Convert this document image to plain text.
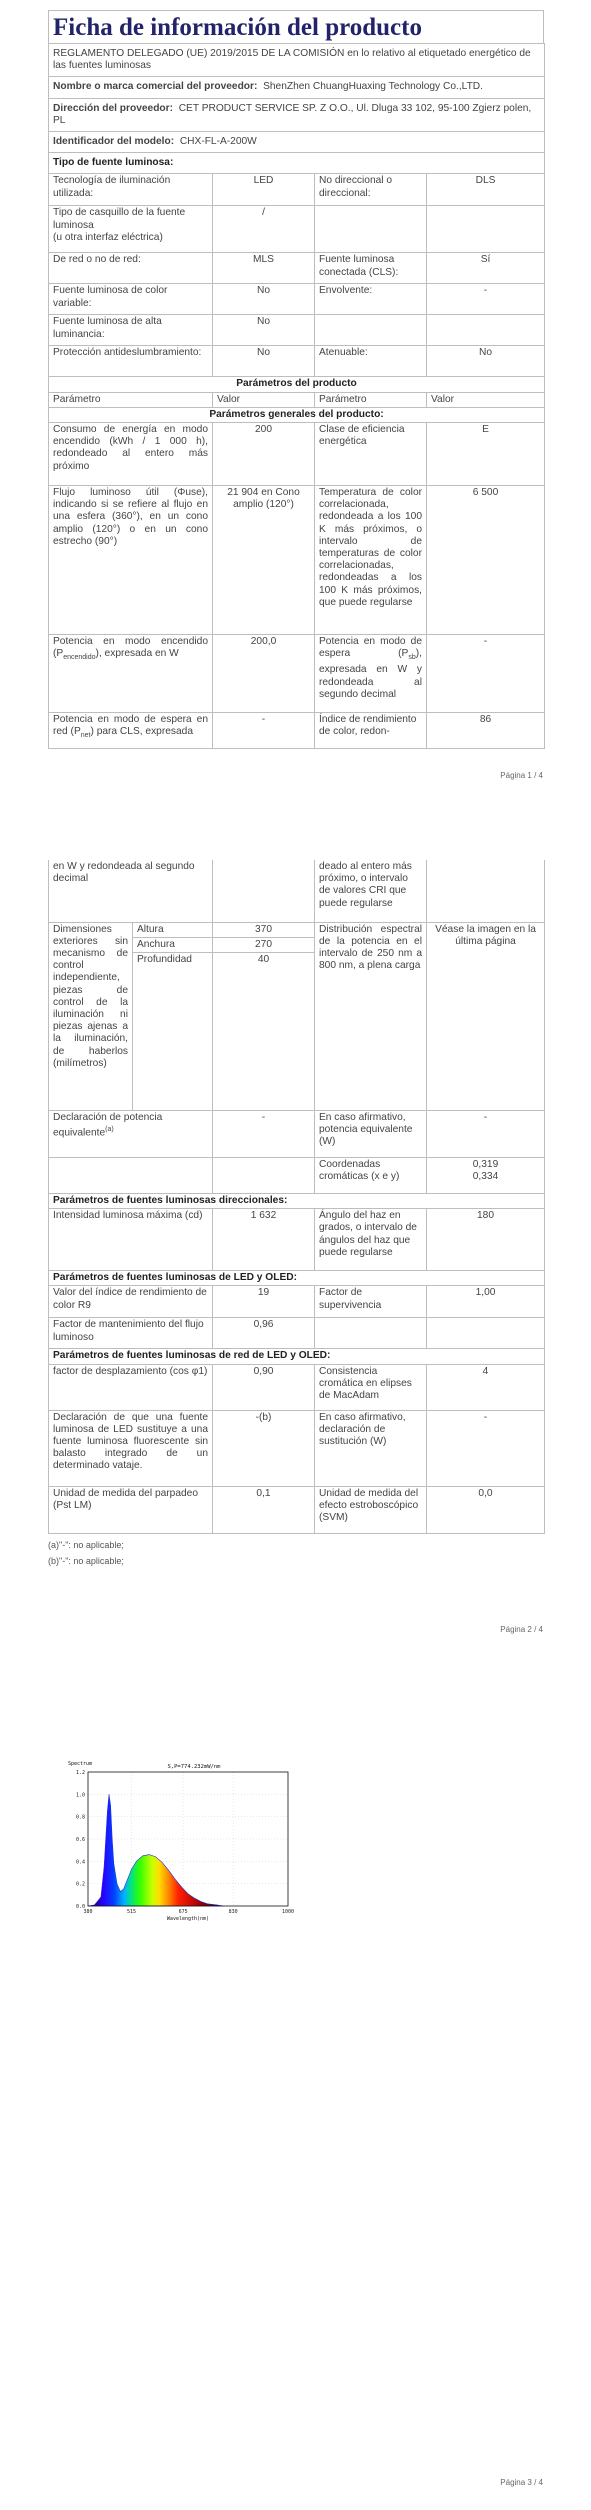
Ficha de información del producto
REGLAMENTO DELEGADO (UE) 2019/2015 DE LA COMISIÓN en lo relativo al etiquetado energético de las fuentes luminosas			
Nombre o marca comercial del proveedor: ShenZhen ChuangHuaxing Technology Co.,LTD.			
Dirección del proveedor: CET PRODUCT SERVICE SP. Z O.O., Ul. Dluga 33 102, 95-100 Zgierz polen, PL			
Identificador del modelo: CHX-FL-A-200W			
Tipo de fuente luminosa:			
Tecnología de iluminación utilizada:	LED	No direccional o direccional:	DLS
Tipo de casquillo de la fuente luminosa
(u otra interfaz eléctrica)	/		
De red o no de red:	MLS	Fuente luminosa conectada (CLS):	Sí
Fuente luminosa de color variable:	No	Envolvente:	-
Fuente luminosa de alta luminancia:	No		
Protección antideslumbramiento:	No	Atenuable:	No
Parámetros del producto			
Parámetro	Valor	Parámetro	Valor
Parámetros generales del producto:			
Consumo de energía en modo encendido (kWh / 1 000 h), redondeado al entero más próximo	200	Clase de eficiencia energética	E
Flujo luminoso útil (Φuse), indicando si se refiere al flujo en una esfera (360°), en un cono amplio (120°) o en un cono estrecho (90°)	21 904 en Cono amplio (120°)	Temperatura de color correlacionada, redondeada a los 100 K más próximos, o intervalo de temperaturas de color correlacionadas, redondeadas a los 100 K más próximos, que puede regularse	6 500
Potencia en modo encendido $(P_{encendido})$, expresada en W	200,0	Potencia en modo de espera $(P_{sb})$, expresada en W y redondeada al segundo decimal	-
Potencia en modo de espera en red $(P_{net})$ para CLS, expresada	-	Índice de rendimiento de color, redon-	86
Página 1 / 4
en W y redondeada al segundo decimal			deado al entero más próximo, o intervalo de valores CRI que puede regularse	
Dimensiones exteriores sin mecanismo de control independiente, piezas de control de la iluminación ni piezas ajenas a la iluminación, de haberlos (milímetros)	Altura	370	Distribución espectral de la potencia en el intervalo de 250 nm a 800 nm, a plena carga	Véase la imagen en la última página
	Anchura	270		
	Profundidad	40		
Declaración de potencia equivalente$^{(a)}$		-	En caso afirmativo, potencia equivalente (W)	-
			Coordenadas cromáticas (x e y)	0,319
0,334
Parámetros de fuentes luminosas direccionales:				
Intensidad luminosa máxima (cd)		1 632	Ángulo del haz en grados, o intervalo de ángulos del haz que puede regularse	180
Parámetros de fuentes luminosas de LED y OLED:				
Valor del índice de rendimiento de color R9		19	Factor de supervivencia	1,00
Factor de mantenimiento del flujo luminoso		0,96		
Parámetros de fuentes luminosas de red de LED y OLED:				
factor de desplazamiento (cos φ1)		0,90	Consistencia cromática en elipses de MacAdam	4
Declaración de que una fuente luminosa de LED sustituye a una fuente luminosa fluorescente sin balasto integrado de un determinado vataje.		-(b)	En caso afirmativo, declaración de sustitución (W)	-
Unidad de medida del parpadeo (Pst LM)		0,1	Unidad de medida del efecto estroboscópico (SVM)	0,0
(a)"-": no aplicable;
(b)"-": no aplicable;
Página 2 / 4
0.0
0.2
0.4
0.6
0.8
1.0
1.2
380	515	675	830	1000
S,P=774.232mW/nm
Spectrum
Wavelength(nm)
Página 3 / 4
